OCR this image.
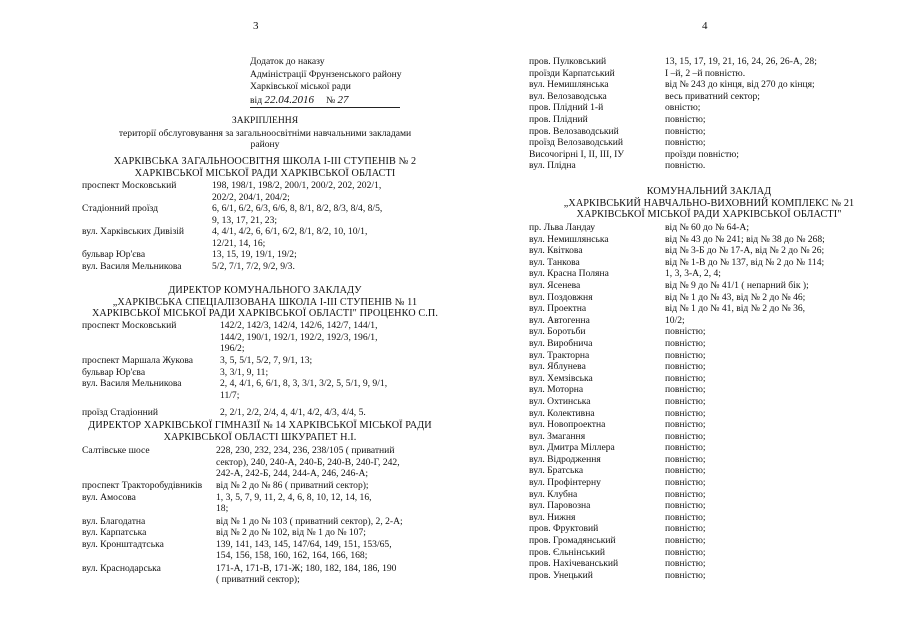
3
Додаток до наказу
Адміністрації Фрунзенського району
Харківської міської ради
від 22.04.2016 № 27
ЗАКРІПЛЕННЯ
території обслуговування за загальноосвітніми навчальними закладами
району
ХАРКІВСЬКА ЗАГАЛЬНООСВІТНЯ ШКОЛА І-ІІІ СТУПЕНІВ № 2
ХАРКІВСЬКОЇ МІСЬКОЇ РАДИ ХАРКІВСЬКОЇ ОБЛАСТІ
проспект Московський	198, 198/1, 198/2, 200/1, 200/2, 202, 202/1,
202/2, 204/1, 204/2;
Стадіонний проїзд	6, 6/1, 6/2, 6/3, 6/6, 8, 8/1, 8/2, 8/3, 8/4, 8/5,
9, 13, 17, 21, 23;
вул. Харківських Дивізій	4, 4/1, 4/2, 6, 6/1, 6/2, 8/1, 8/2, 10, 10/1,
12/21, 14, 16;
бульвар Юр'єва	13, 15, 19, 19/1, 19/2;
вул. Василя Мельникова	5/2, 7/1, 7/2, 9/2, 9/3.
ДИРЕКТОР КОМУНАЛЬНОГО ЗАКЛАДУ
„ХАРКІВСЬКА СПЕЦІАЛІЗОВАНА ШКОЛА І-ІІІ СТУПЕНІВ № 11
ХАРКІВСЬКОЇ МІСЬКОЇ РАДИ ХАРКІВСЬКОЇ ОБЛАСТІ" ПРОЦЕНКО С.П.
проспект Московський	142/2, 142/3, 142/4, 142/6, 142/7, 144/1,
144/2, 190/1, 192/1, 192/2, 192/3, 196/1,
196/2;
проспект Маршала Жукова	3, 5, 5/1, 5/2, 7, 9/1, 13;
бульвар Юр'єва	3, 3/1, 9, 11;
вул. Василя Мельникова	2, 4, 4/1, 6, 6/1, 8, 3, 3/1, 3/2, 5, 5/1, 9, 9/1,
11/7;
проїзд Стадіонний	2, 2/1, 2/2, 2/4, 4, 4/1, 4/2, 4/3, 4/4, 5.
ДИРЕКТОР ХАРКІВСЬКОЇ ГІМНАЗІЇ № 14 ХАРКІВСЬКОЇ МІСЬКОЇ РАДИ
ХАРКІВСЬКОЇ ОБЛАСТІ ШКУРАПЕТ Н.І.
Салтівське шосе	228, 230, 232, 234, 236, 238/105 ( приватний
сектор), 240, 240-А, 240-Б, 240-В, 240-Г, 242,
242-А, 242-Б, 244, 244-А, 246, 246-А;
проспект Тракторобудівників	від № 2 до № 86 ( приватний сектор);
вул. Амосова	1, 3, 5, 7, 9, 11, 2, 4, 6, 8, 10, 12, 14, 16,
18;
вул. Благодатна	від № 1 до № 103 ( приватний сектор), 2, 2-А;
вул. Карпатська	від № 2 до № 102, від № 1 до № 107;
вул. Кронштадтська	139, 141, 143, 145, 147/64, 149, 151, 153/65,
154, 156, 158, 160, 162, 164, 166, 168;
вул. Краснодарська	171-А, 171-В, 171-Ж; 180, 182, 184, 186, 190
( приватний сектор);
4
пров. Пулковський	13, 15, 17, 19, 21, 16, 24, 26, 26-А, 28;
проїзди Карпатський	І –й, 2 –й повністю.
вул. Немишлянська	від № 243 до кінця, від 270 до кінця;
вул. Велозаводська	весь приватний сектор;
пров. Плідний 1-й	овністю;
пров. Плідний	повністю;
пров. Велозаводський	повністю;
проїзд Велозаводський	повністю;
Височогірні І, ІІ, ІІІ, ІУ	проїзди повністю;
вул. Плідна	повністю.
КОМУНАЛЬНИЙ ЗАКЛАД
„ХАРКІВСЬКИЙ НАВЧАЛЬНО-ВИХОВНИЙ КОМПЛЕКС № 21
ХАРКІВСЬКОЇ МІСЬКОЇ РАДИ ХАРКІВСЬКОЇ ОБЛАСТІ"
пр. Льва Ландау	від № 60 до № 64-А;
вул. Немишлянська	від № 43 до № 241; від № 38 до № 268;
вул. Квіткова	від № 3-Б до № 17-А, від № 2 до № 26;
вул. Танкова	від № 1-В до № 137, від № 2 до № 114;
вул. Красна Поляна	1, 3, 3-А, 2, 4;
вул. Ясенева	від № 9 до № 41/1 ( непарний бік );
вул. Поздовжня	від № 1 до № 43, від № 2 до № 46;
вул. Проектна	від № 1 до № 41, від № 2 до № 36,
вул. Автогенна	10/2;
вул. Боротьби	повністю;
вул. Виробнича	повністю;
вул. Тракторна	повністю;
вул. Яблунева	повністю;
вул. Хемзівська	повністю;
вул. Моторна	повністю;
вул. Охтинська	повністю;
вул. Колективна	повністю;
вул. Новопроектна	повністю;
вул. Змагання	повністю;
вул. Дмитра Міллера	повністю;
вул. Відродження	повністю;
вул. Братська	повністю;
вул. Профінтерну	повністю;
вул. Клубна	повністю;
вул. Паровозна	повністю;
вул. Нижня	повністю;
пров. Фруктовий	повністю;
пров. Громадянський	повністю;
пров. Єльнінський	повністю;
пров. Нахічеванський	повністю;
пров. Унецький	повністю;
